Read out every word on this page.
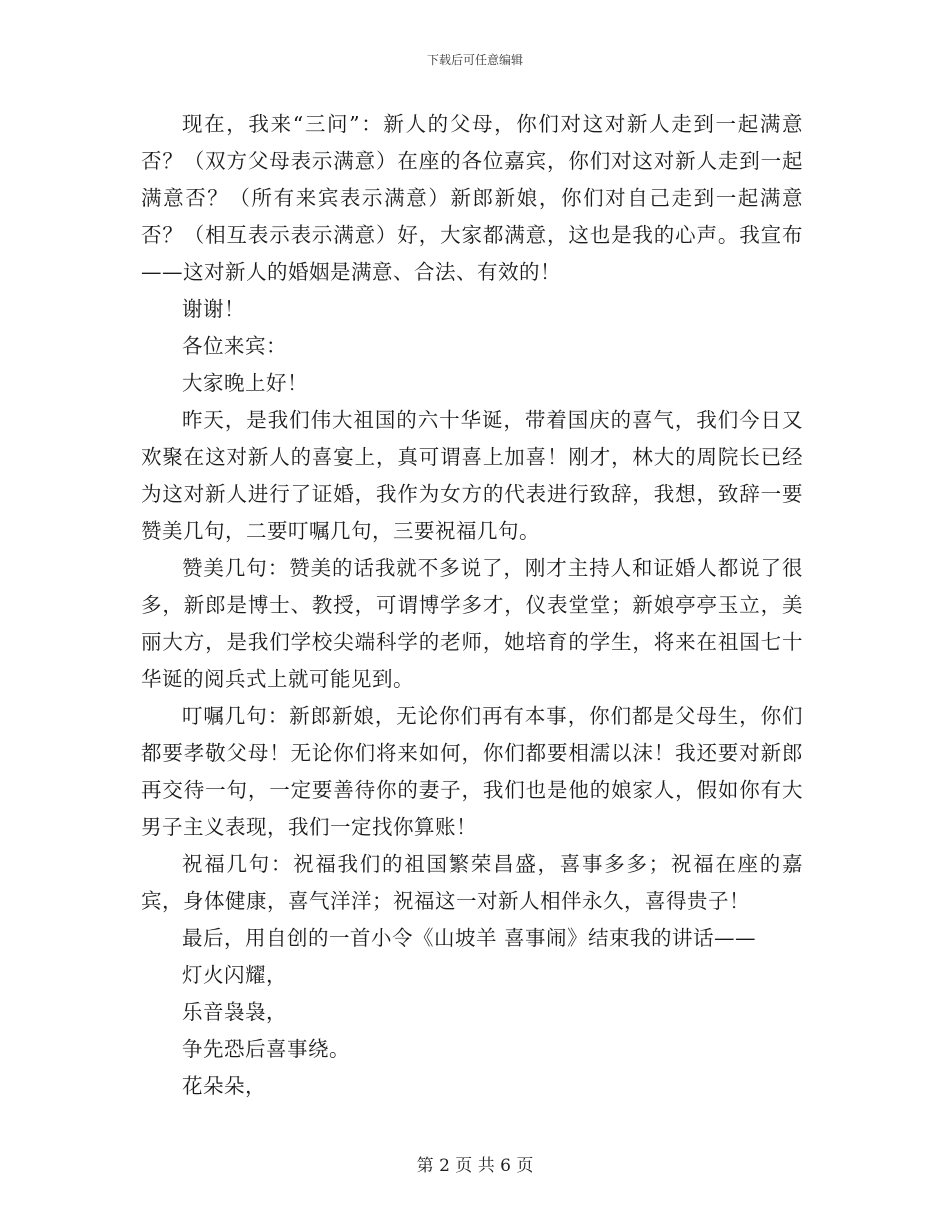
下载后可任意编辑

现在，我来“三问”：新人的父母，你们对这对新人走到一起满意否？（双方父母表示满意）在座的各位嘉宾，你们对这对新人走到一起满意否？（所有来宾表示满意）新郎新娘，你们对自己走到一起满意否？（相互表示表示满意）好，大家都满意，这也是我的心声。我宣布——这对新人的婚姻是满意、合法、有效的！

谢谢！

各位来宾：

大家晚上好！

昨天，是我们伟大祖国的六十华诞，带着国庆的喜气，我们今日又欢聚在这对新人的喜宴上，真可谓喜上加喜！刚才，林大的周院长已经为这对新人进行了证婚，我作为女方的代表进行致辞，我想，致辞一要赞美几句，二要叮嘱几句，三要祝福几句。

赞美几句：赞美的话我就不多说了，刚才主持人和证婚人都说了很多，新郎是博士、教授，可谓博学多才，仪表堂堂；新娘亭亭玉立，美丽大方，是我们学校尖端科学的老师，她培育的学生，将来在祖国七十华诞的阅兵式上就可能见到。

叮嘱几句：新郎新娘，无论你们再有本事，你们都是父母生，你们都要孝敬父母！无论你们将来如何，你们都要相濡以沫！我还要对新郎再交待一句，一定要善待你的妻子，我们也是他的娘家人，假如你有大男子主义表现，我们一定找你算账！

祝福几句：祝福我们的祖国繁荣昌盛，喜事多多；祝福在座的嘉宾，身体健康，喜气洋洋；祝福这一对新人相伴永久，喜得贵子！

最后，用自创的一首小令《山坡羊 喜事闹》结束我的讲话——

灯火闪耀，

乐音袅袅，

争先恐后喜事绕。

花朵朵，

第 2 页 共 6 页
